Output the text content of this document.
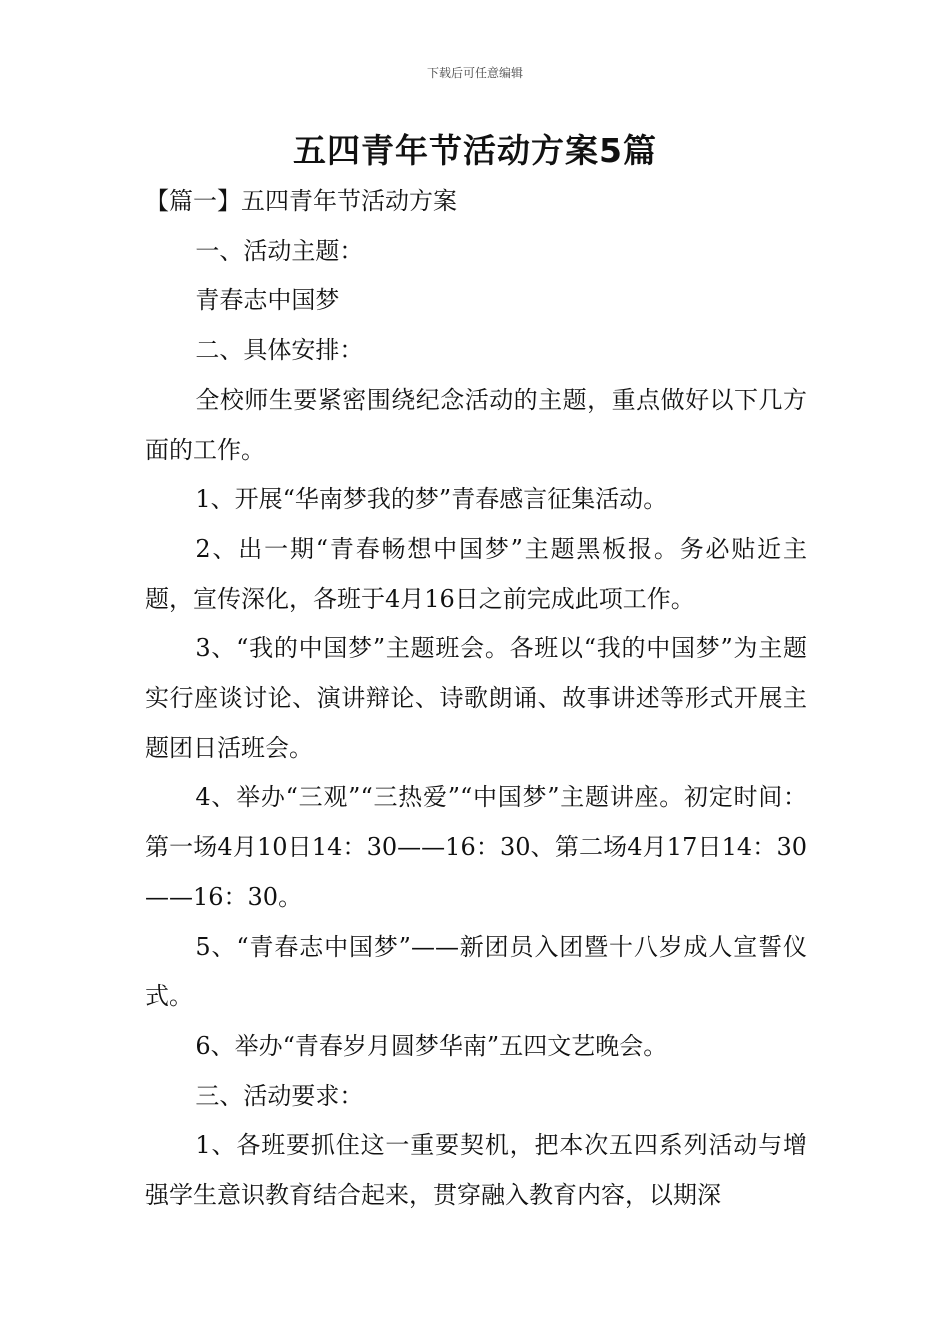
下载后可任意编辑
五四青年节活动方案5篇

【篇一】五四青年节活动方案

一、活动主题：

青春志中国梦

二、具体安排：

全校师生要紧密围绕纪念活动的主题，重点做好以下几方面的工作。

1、开展“华南梦我的梦”青春感言征集活动。

2、出一期“青春畅想中国梦”主题黑板报。务必贴近主题，宣传深化，各班于4月16日之前完成此项工作。

3、“我的中国梦”主题班会。各班以“我的中国梦”为主题实行座谈讨论、演讲辩论、诗歌朗诵、故事讲述等形式开展主题团日活班会。

4、举办“三观”“三热爱”“中国梦”主题讲座。初定时间：第一场4月10日14：30——16：30、第二场4月17日14：30——16：30。

5、“青春志中国梦”——新团员入团暨十八岁成人宣誓仪式。

6、举办“青春岁月圆梦华南”五四文艺晚会。

三、活动要求：

1、各班要抓住这一重要契机，把本次五四系列活动与增强学生意识教育结合起来，贯穿融入教育内容，以期深
